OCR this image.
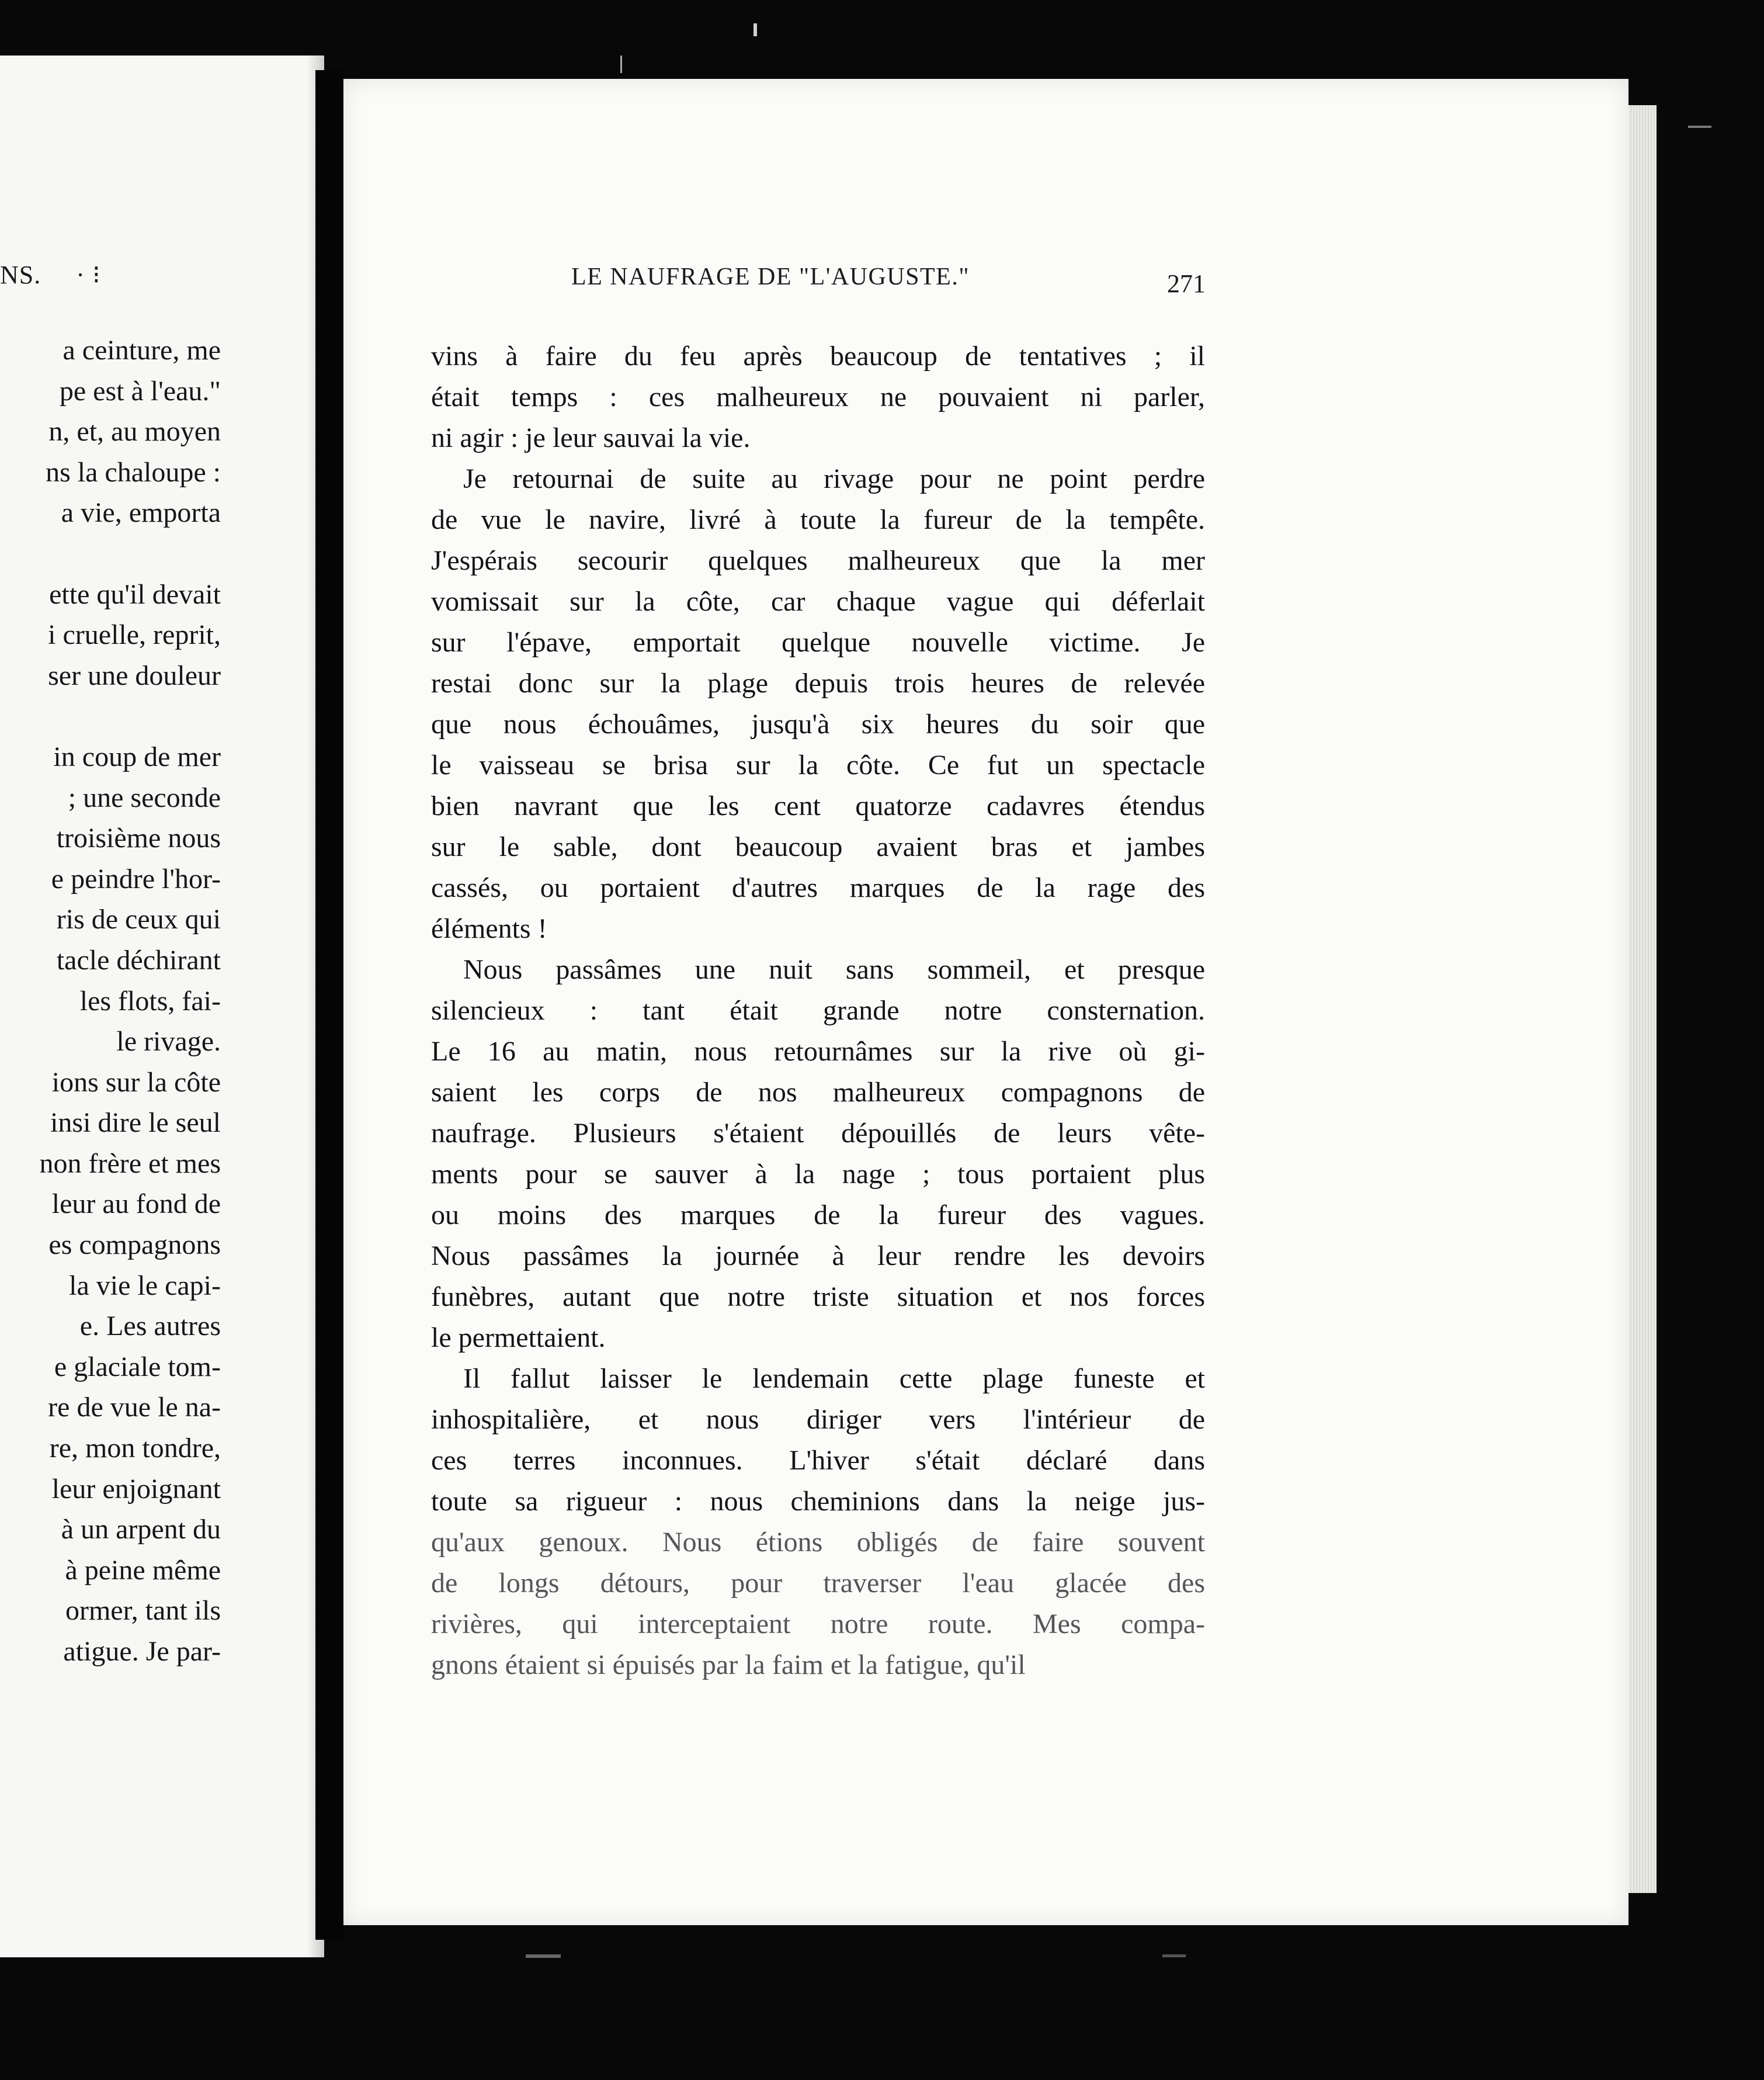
NS. · ⁝
a ceinture, me
pe est à l'eau."
n, et, au moyen
ns la chaloupe :
a vie, emporta
ette qu'il devait
i cruelle, reprit,
ser une douleur
in coup de mer
; une seconde
troisième nous
e peindre l'hor-
ris de ceux qui
tacle déchirant
les flots, fai-
le rivage.
ions sur la côte
insi dire le seul
non frère et mes
leur au fond de
es compagnons
la vie le capi-
e. Les autres
e glaciale tom-
re de vue le na-
re, mon tondre,
leur enjoignant
à un arpent du
à peine même
ormer, tant ils
atigue. Je par-
LE NAUFRAGE DE "L'AUGUSTE."	271

vins à faire du feu après beaucoup de tentatives ; il
était temps : ces malheureux ne pouvaient ni parler,
ni agir : je leur sauvai la vie.

Je retournai de suite au rivage pour ne point perdre
de vue le navire, livré à toute la fureur de la tempête.
J'espérais secourir quelques malheureux que la mer
vomissait sur la côte, car chaque vague qui déferlait
sur l'épave, emportait quelque nouvelle victime. Je
restai donc sur la plage depuis trois heures de relevée
que nous échouâmes, jusqu'à six heures du soir que
le vaisseau se brisa sur la côte. Ce fut un spectacle
bien navrant que les cent quatorze cadavres étendus
sur le sable, dont beaucoup avaient bras et jambes
cassés, ou portaient d'autres marques de la rage des
éléments !

Nous passâmes une nuit sans sommeil, et presque
silencieux : tant était grande notre consternation.
Le 16 au matin, nous retournâmes sur la rive où gi-
saient les corps de nos malheureux compagnons de
naufrage. Plusieurs s'étaient dépouillés de leurs vête-
ments pour se sauver à la nage ; tous portaient plus
ou moins des marques de la fureur des vagues.
Nous passâmes la journée à leur rendre les devoirs
funèbres, autant que notre triste situation et nos forces
le permettaient.

Il fallut laisser le lendemain cette plage funeste et
inhospitalière, et nous diriger vers l'intérieur de
ces terres inconnues. L'hiver s'était déclaré dans
toute sa rigueur : nous cheminions dans la neige jus-
qu'aux genoux. Nous étions obligés de faire souvent
de longs détours, pour traverser l'eau glacée des
rivières, qui interceptaient notre route. Mes compa-
gnons étaient si épuisés par la faim et la fatigue, qu'il
